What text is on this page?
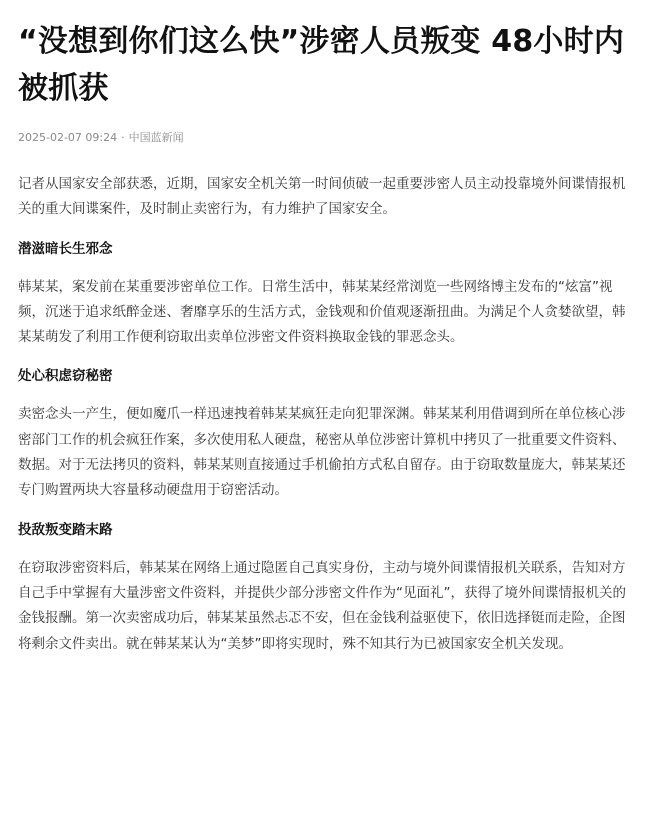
“没想到你们这么快”涉密人员叛变 48小时内被抓获
2025-02-07 09:24 · 中国蓝新闻

记者从国家安全部获悉，近期，国家安全机关第一时间侦破一起重要涉密人员主动投靠境外间谍情报机关的重大间谍案件，及时制止卖密行为，有力维护了国家安全。

潜滋暗长生邪念

韩某某，案发前在某重要涉密单位工作。日常生活中，韩某某经常浏览一些网络博主发布的“炫富”视频，沉迷于追求纸醉金迷、奢靡享乐的生活方式，金钱观和价值观逐渐扭曲。为满足个人贪婪欲望，韩某某萌发了利用工作便利窃取出卖单位涉密文件资料换取金钱的罪恶念头。

处心积虑窃秘密

卖密念头一产生，便如魔爪一样迅速拽着韩某某疯狂走向犯罪深渊。韩某某利用借调到所在单位核心涉密部门工作的机会疯狂作案，多次使用私人硬盘，秘密从单位涉密计算机中拷贝了一批重要文件资料、数据。对于无法拷贝的资料，韩某某则直接通过手机偷拍方式私自留存。由于窃取数量庞大，韩某某还专门购置两块大容量移动硬盘用于窃密活动。

投敌叛变踏末路

在窃取涉密资料后，韩某某在网络上通过隐匿自己真实身份，主动与境外间谍情报机关联系，告知对方自己手中掌握有大量涉密文件资料，并提供少部分涉密文件作为“见面礼”，获得了境外间谍情报机关的金钱报酬。第一次卖密成功后，韩某某虽然忐忑不安，但在金钱利益驱使下，依旧选择铤而走险，企图将剩余文件卖出。就在韩某某认为“美梦”即将实现时，殊不知其行为已被国家安全机关发现。
